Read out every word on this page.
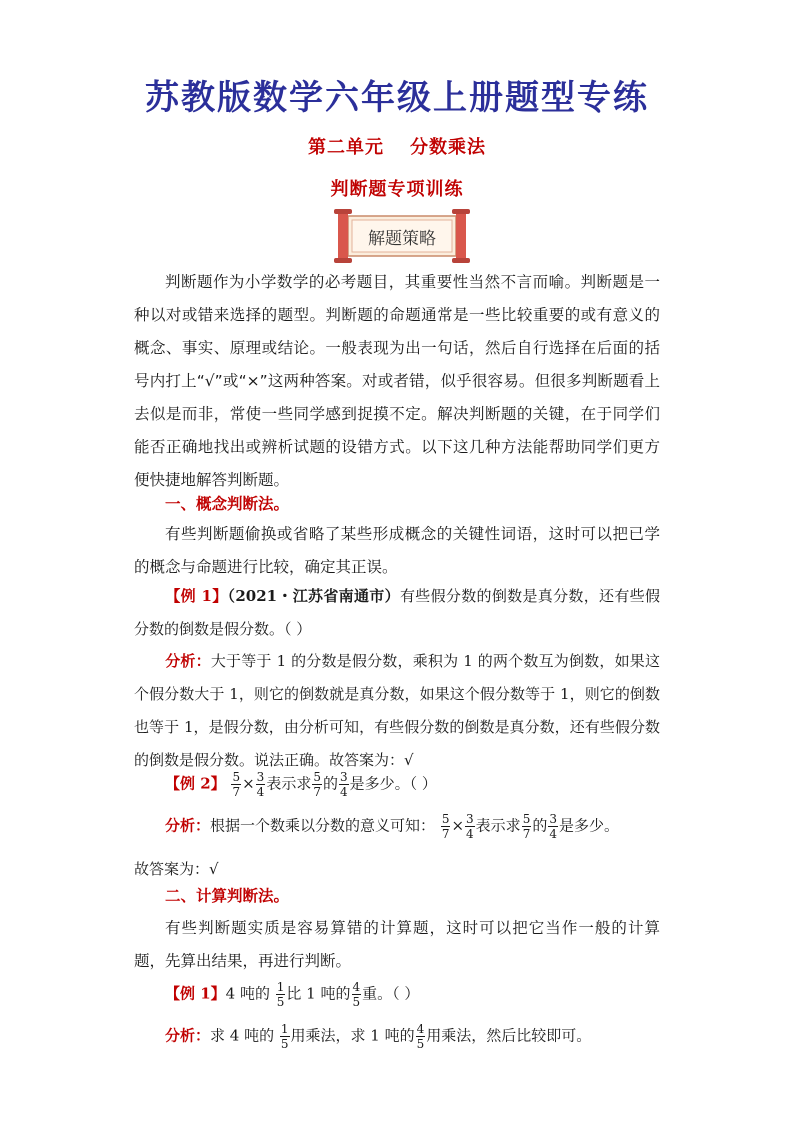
苏教版数学六年级上册题型专练
第二单元 分数乘法
判断题专项训练
解题策略
判断题作为小学数学的必考题目，其重要性当然不言而喻。判断题是一种以对或错来选择的题型。判断题的命题通常是一些比较重要的或有意义的概念、事实、原理或结论。一般表现为出一句话，然后自行选择在后面的括号内打上“√”或“×”这两种答案。对或者错，似乎很容易。但很多判断题看上去似是而非，常使一些同学感到捉摸不定。解决判断题的关键，在于同学们能否正确地找出或辨析试题的设错方式。以下这几种方法能帮助同学们更方便快捷地解答判断题。
一、概念判断法。
有些判断题偷换或省略了某些形成概念的关键性词语，这时可以把已学的概念与命题进行比较，确定其正误。
【例 1】（2021・江苏省南通市）有些假分数的倒数是真分数，还有些假分数的倒数是假分数。（ ）
分析：大于等于 1 的分数是假分数，乘积为 1 的两个数互为倒数，如果这个假分数大于 1，则它的倒数就是真分数，如果这个假分数等于 1，则它的倒数也等于 1，是假分数，由分析可知，有些假分数的倒数是真分数，还有些假分数的倒数是假分数。说法正确。故答案为：√
【例 2】 $\frac{5}{7} \times \frac{3}{4}$ 表示求 $\frac{5}{7}$ 的 $\frac{3}{4}$ 是多少。（ ）
分析：根据一个数乘以分数的意义可知： $\frac{5}{7} \times \frac{3}{4}$ 表示求 $\frac{5}{7}$ 的 $\frac{3}{4}$ 是多少。
故答案为：√
二、计算判断法。
有些判断题实质是容易算错的计算题，这时可以把它当作一般的计算题，先算出结果，再进行判断。
【例 1】4 吨的 $\frac{1}{5}$ 比 1 吨的 $\frac{4}{5}$ 重。（ ）
分析：求 4 吨的 $\frac{1}{5}$ 用乘法，求 1 吨的 $\frac{4}{5}$ 用乘法，然后比较即可。
